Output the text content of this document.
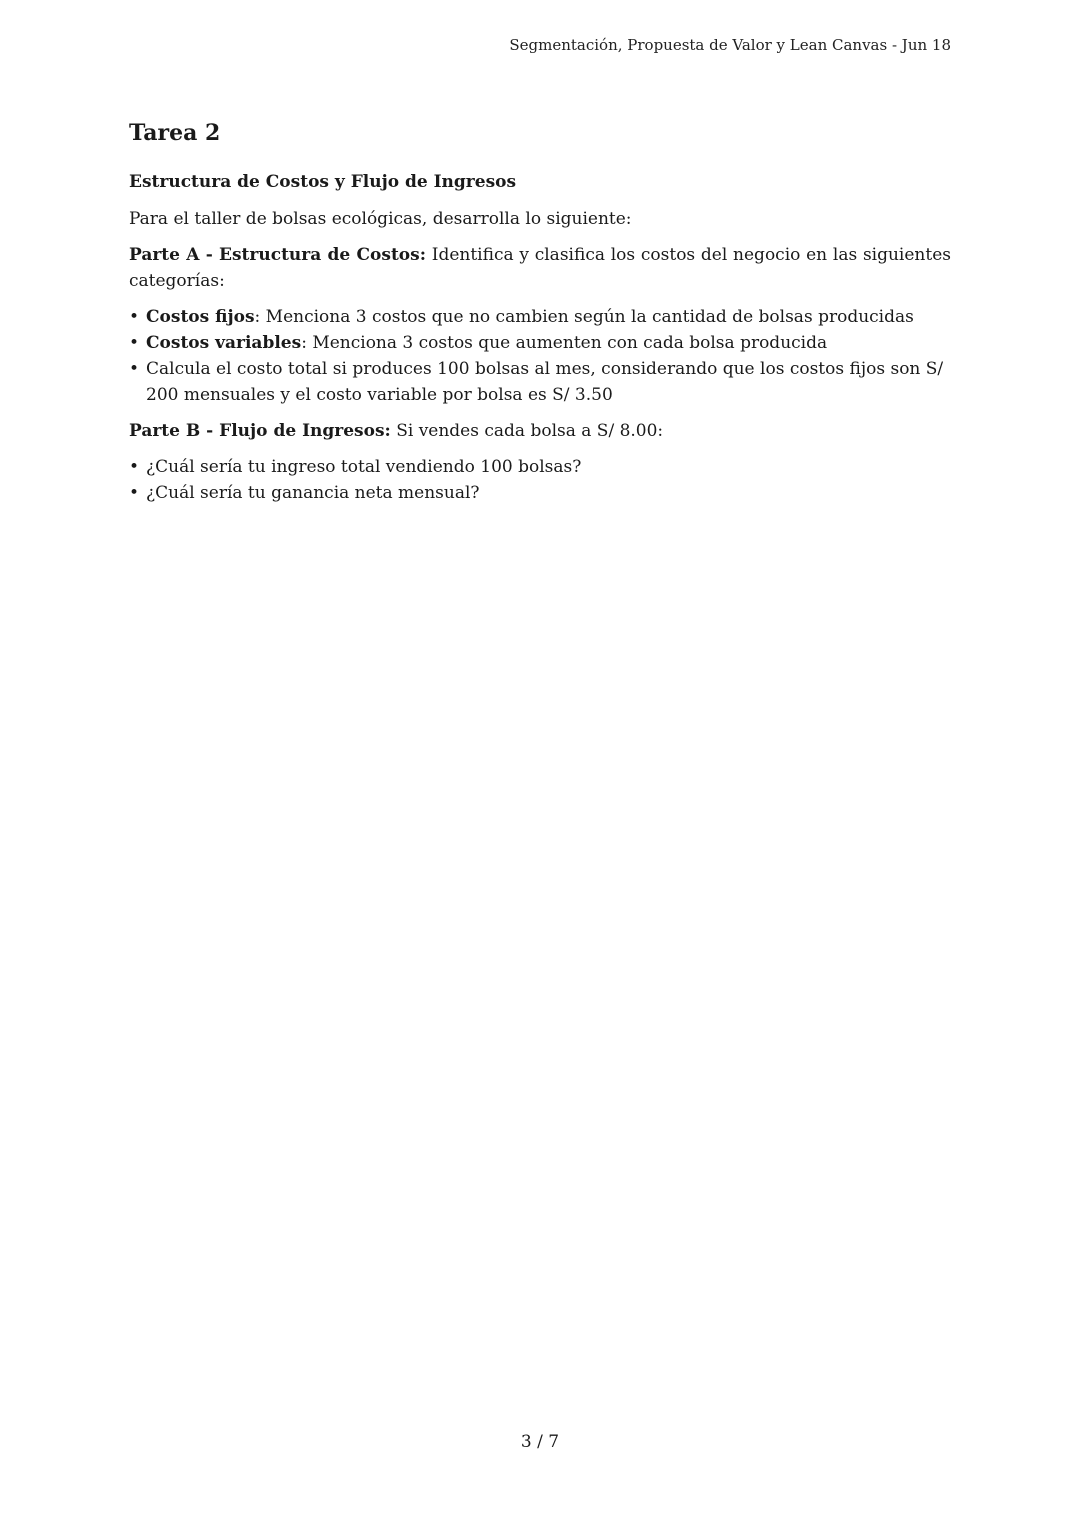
Segmentación, Propuesta de Valor y Lean Canvas - Jun 18
Tarea 2
Estructura de Costos y Flujo de Ingresos

Para el taller de bolsas ecológicas, desarrolla lo siguiente:

Parte A - Estructura de Costos: Identifica y clasifica los costos del negocio en las siguientes categorías:

• Costos fijos: Menciona 3 costos que no cambien según la cantidad de bolsas producidas
• Costos variables: Menciona 3 costos que aumenten con cada bolsa producida
• Calcula el costo total si produces 100 bolsas al mes, considerando que los costos fijos son S/ 200 mensuales y el costo variable por bolsa es S/ 3.50

Parte B - Flujo de Ingresos: Si vendes cada bolsa a S/ 8.00:

• ¿Cuál sería tu ingreso total vendiendo 100 bolsas?
• ¿Cuál sería tu ganancia neta mensual?
3 / 7
